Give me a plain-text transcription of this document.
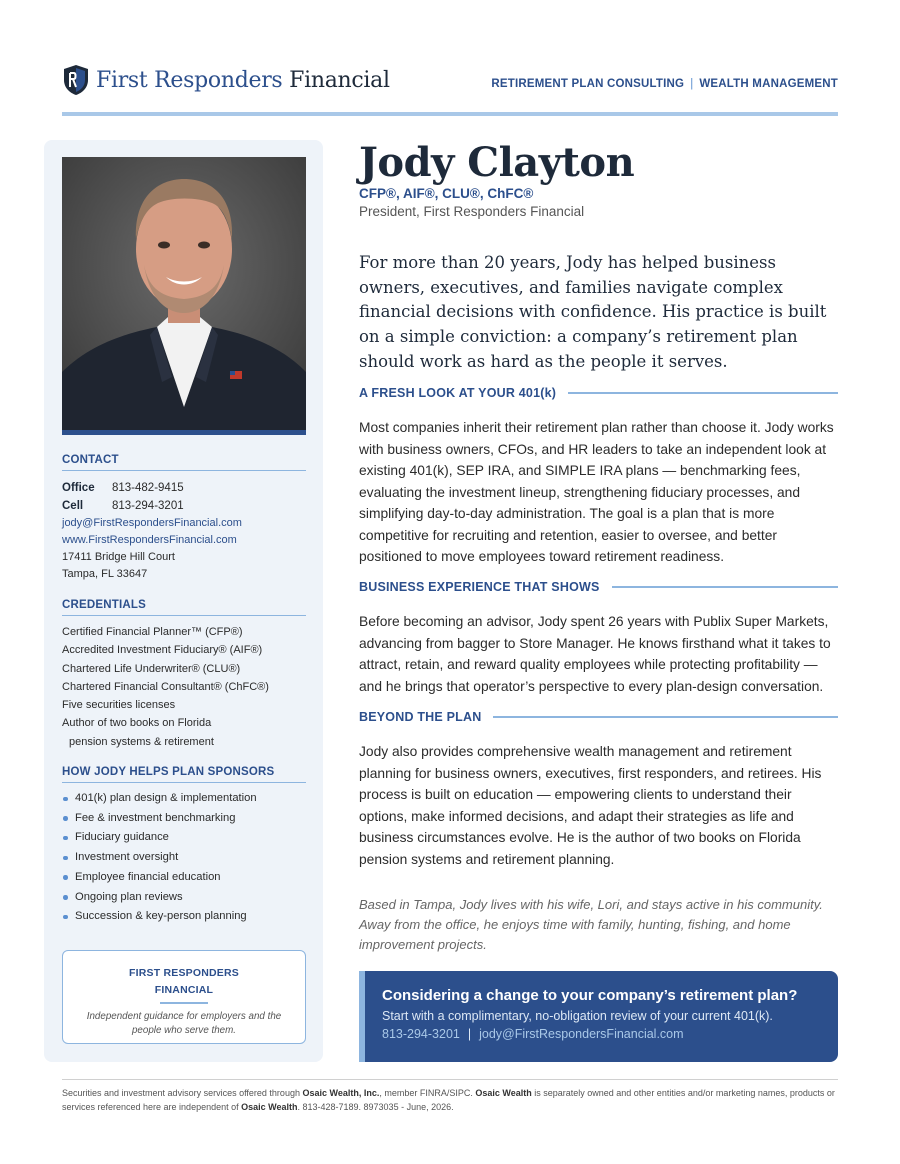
First Responders Financial	RETIREMENT PLAN CONSULTING | WEALTH MANAGEMENT
CONTACT
Office	813-482-9415
Cell	813-294-3201
jody@FirstRespondersFinancial.com
www.FirstRespondersFinancial.com
17411 Bridge Hill Court
Tampa, FL 33647
CREDENTIALS
Certified Financial Planner™ (CFP®)
Accredited Investment Fiduciary® (AIF®)
Chartered Life Underwriter® (CLU®)
Chartered Financial Consultant® (ChFC®)
Five securities licenses
Author of two books on Florida
pension systems & retirement
HOW JODY HELPS PLAN SPONSORS
401(k) plan design & implementation
Fee & investment benchmarking
Fiduciary guidance
Investment oversight
Employee financial education
Ongoing plan reviews
Succession & key-person planning
FIRST RESPONDERS
FINANCIAL
Independent guidance for employers and the people who serve them.
Jody Clayton
CFP®, AIF®, CLU®, ChFC®
President, First Responders Financial
For more than 20 years, Jody has helped business owners, executives, and families navigate complex financial decisions with confidence. His practice is built on a simple conviction: a company’s retirement plan should work as hard as the people it serves.
A FRESH LOOK AT YOUR 401(k)
Most companies inherit their retirement plan rather than choose it. Jody works with business owners, CFOs, and HR leaders to take an independent look at existing 401(k), SEP IRA, and SIMPLE IRA plans — benchmarking fees, evaluating the investment lineup, strengthening fiduciary processes, and simplifying day-to-day administration. The goal is a plan that is more competitive for recruiting and retention, easier to oversee, and better positioned to move employees toward retirement readiness.
BUSINESS EXPERIENCE THAT SHOWS
Before becoming an advisor, Jody spent 26 years with Publix Super Markets, advancing from bagger to Store Manager. He knows firsthand what it takes to attract, retain, and reward quality employees while protecting profitability — and he brings that operator’s perspective to every plan-design conversation.
BEYOND THE PLAN
Jody also provides comprehensive wealth management and retirement planning for business owners, executives, first responders, and retirees. His process is built on education — empowering clients to understand their options, make informed decisions, and adapt their strategies as life and business circumstances evolve. He is the author of two books on Florida pension systems and retirement planning.
Based in Tampa, Jody lives with his wife, Lori, and stays active in his community. Away from the office, he enjoys time with family, hunting, fishing, and home improvement projects.
Considering a change to your company’s retirement plan?
Start with a complimentary, no-obligation review of your current 401(k).
813-294-3201 | jody@FirstRespondersFinancial.com
Securities and investment advisory services offered through Osaic Wealth, Inc., member FINRA/SIPC. Osaic Wealth is separately owned and other entities and/or marketing names, products or services referenced here are independent of Osaic Wealth. 813-428-7189. 8973035 - June, 2026.
